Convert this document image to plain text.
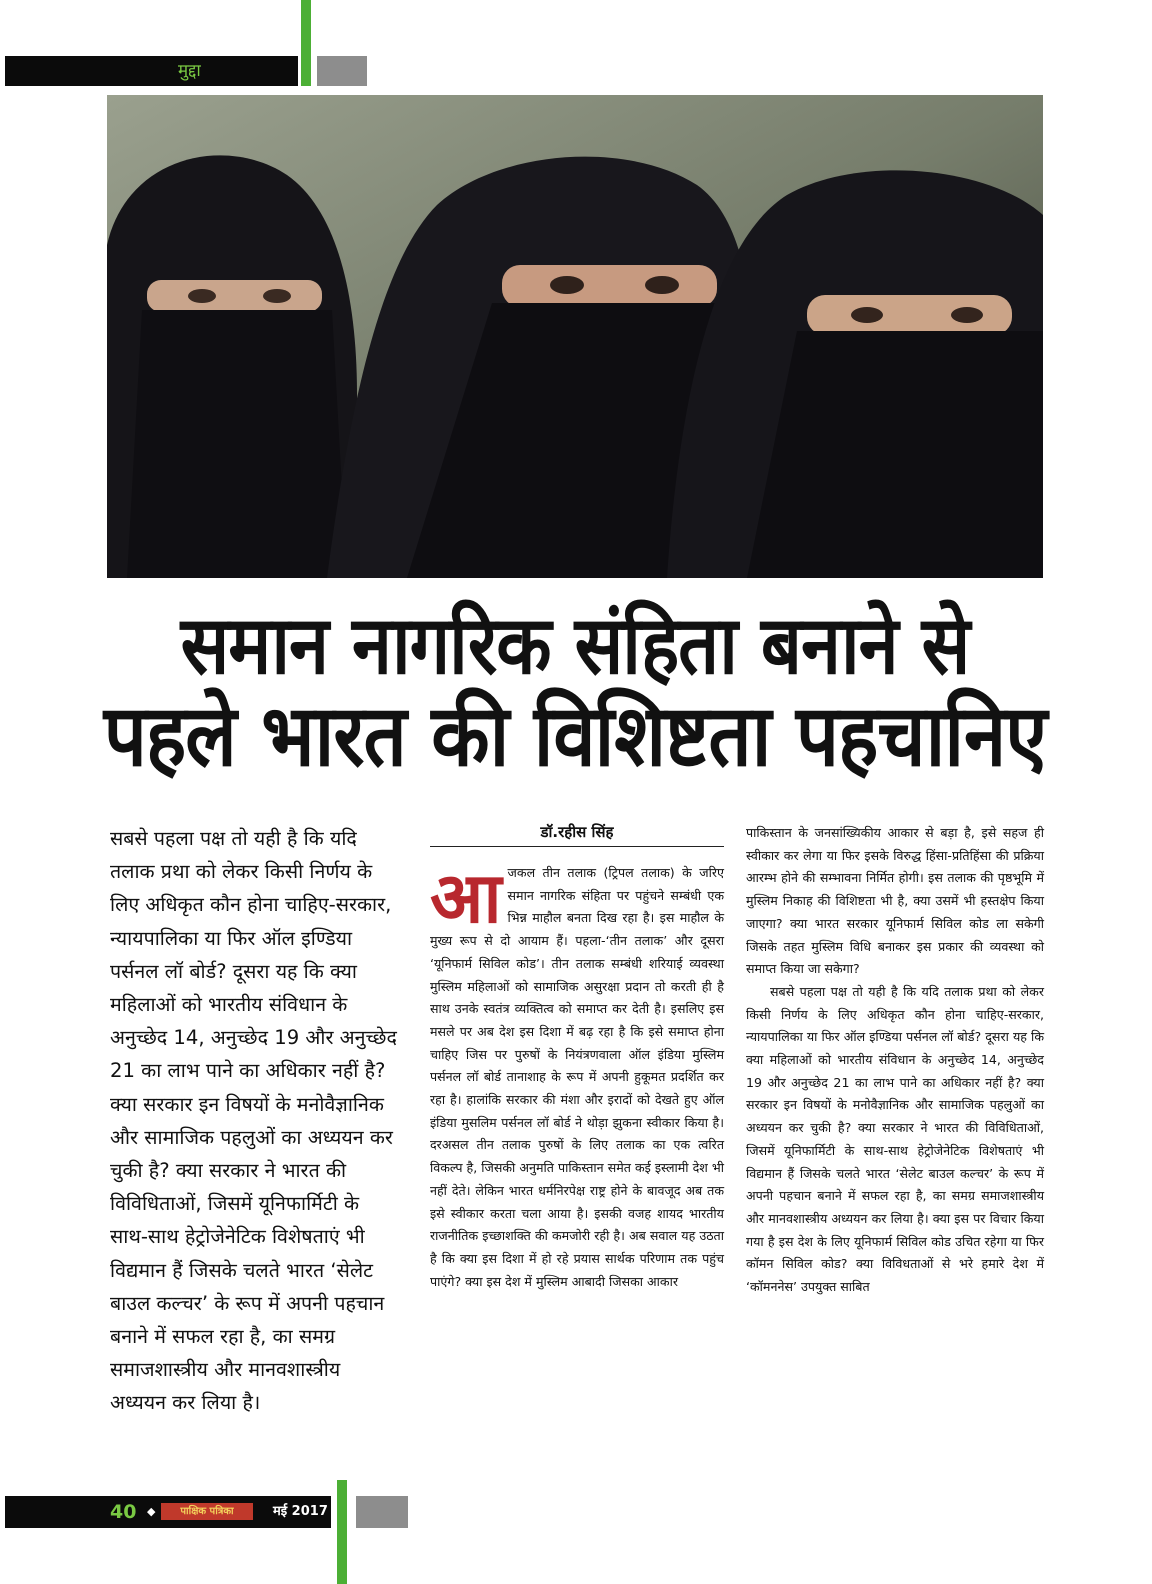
मुद्दा
समान नागरिक संहिता बनाने से
पहले भारत की विशिष्टता पहचानिए
सबसे पहला पक्ष तो यही है कि यदि तलाक प्रथा को लेकर किसी निर्णय के लिए अधिकृत कौन होना चाहिए-सरकार, न्यायपालिका या फिर ऑल इण्डिया पर्सनल लॉ बोर्ड? दूसरा यह कि क्या महिलाओं को भारतीय संविधान के अनुच्छेद 14, अनुच्छेद 19 और अनुच्छेद 21 का लाभ पाने का अधिकार नहीं है? क्या सरकार इन विषयों के मनोवैज्ञानिक और सामाजिक पहलुओं का अध्ययन कर चुकी है? क्या सरकार ने भारत की विविधिताओं, जिसमें यूनिफार्मिटी के साथ-साथ हेट्रोजेनेटिक विशेषताएं भी विद्यमान हैं जिसके चलते भारत ‘सेलेट बाउल कल्चर’ के रूप में अपनी पहचान बनाने में सफल रहा है, का समग्र समाजशास्त्रीय और मानवशास्त्रीय अध्ययन कर लिया है।
डॉ.रहीस सिंह
आजकल तीन तलाक (ट्रिपल तलाक) के जरिए समान नागरिक संहिता पर पहुंचने सम्बंधी एक भिन्न माहौल बनता दिख रहा है। इस माहौल के मुख्य रूप से दो आयाम हैं। पहला-‘तीन तलाक’ और दूसरा ‘यूनिफार्म सिविल कोड’। तीन तलाक सम्बंधी शरियाई व्यवस्था मुस्लिम महिलाओं को सामाजिक असुरक्षा प्रदान तो करती ही है साथ उनके स्वतंत्र व्यक्तित्व को समाप्त कर देती है। इसलिए इस मसले पर अब देश इस दिशा में बढ़ रहा है कि इसे समाप्त होना चाहिए जिस पर पुरुषों के नियंत्रणवाला ऑल इंडिया मुस्लिम पर्सनल लॉ बोर्ड तानाशाह के रूप में अपनी हुकूमत प्रदर्शित कर रहा है। हालांकि सरकार की मंशा और इरादों को देखते हुए ऑल इंडिया मुसलिम पर्सनल लॉ बोर्ड ने थोड़ा झुकना स्वीकार किया है। दरअसल तीन तलाक पुरुषों के लिए तलाक का एक त्वरित विकल्प है, जिसकी अनुमति पाकिस्तान समेत कई इस्लामी देश भी नहीं देते। लेकिन भारत धर्मनिरपेक्ष राष्ट्र होने के बावजूद अब तक इसे स्वीकार करता चला आया है। इसकी वजह शायद भारतीय राजनीतिक इच्छाशक्ति की कमजोरी रही है। अब सवाल यह उठता है कि क्या इस दिशा में हो रहे प्रयास सार्थक परिणाम तक पहुंच पाएंगे? क्या इस देश में मुस्लिम आबादी जिसका आकार

पाकिस्तान के जनसांख्यिकीय आकार से बड़ा है, इसे सहज ही स्वीकार कर लेगा या फिर इसके विरुद्ध हिंसा-प्रतिहिंसा की प्रक्रिया आरम्भ होने की सम्भावना निर्मित होगी। इस तलाक की पृष्ठभूमि में मुस्लिम निकाह की विशिष्टता भी है, क्या उसमें भी हस्तक्षेप किया जाएगा? क्या भारत सरकार यूनिफार्म सिविल कोड ला सकेगी जिसके तहत मुस्लिम विधि बनाकर इस प्रकार की व्यवस्था को समाप्त किया जा सकेगा?

सबसे पहला पक्ष तो यही है कि यदि तलाक प्रथा को लेकर किसी निर्णय के लिए अधिकृत कौन होना चाहिए-सरकार, न्यायपालिका या फिर ऑल इण्डिया पर्सनल लॉ बोर्ड? दूसरा यह कि क्या महिलाओं को भारतीय संविधान के अनुच्छेद 14, अनुच्छेद 19 और अनुच्छेद 21 का लाभ पाने का अधिकार नहीं है? क्या सरकार इन विषयों के मनोवैज्ञानिक और सामाजिक पहलुओं का अध्ययन कर चुकी है? क्या सरकार ने भारत की विविधिताओं, जिसमें यूनिफार्मिटी के साथ-साथ हेट्रोजेनेटिक विशेषताएं भी विद्यमान हैं जिसके चलते भारत ‘सेलेट बाउल कल्चर’ के रूप में अपनी पहचान बनाने में सफल रहा है, का समग्र समाजशास्त्रीय और मानवशास्त्रीय अध्ययन कर लिया है। क्या इस पर विचार किया गया है इस देश के लिए यूनिफार्म सिविल कोड उचित रहेगा या फिर कॉमन सिविल कोड? क्या विविधताओं से भरे हमारे देश में ‘कॉमननेस’ उपयुक्त साबित

40 ◆	पाक्षिक पत्रिका	मई 2017
